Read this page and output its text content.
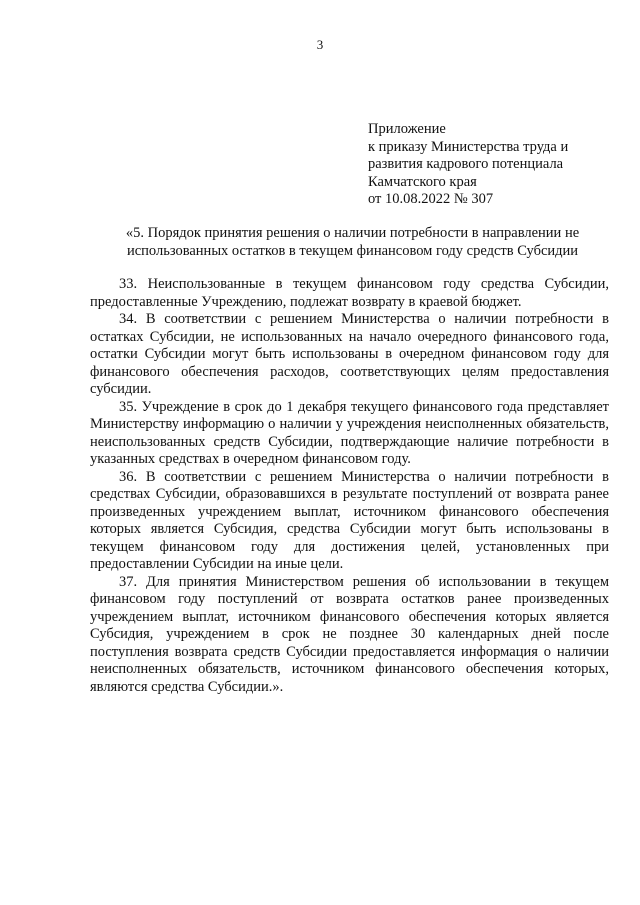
3
Приложение
к приказу Министерства труда и
развития кадрового потенциала
Камчатского края
от 10.08.2022 № 307
«5. Порядок принятия решения о наличии потребности в направлении не использованных остатков в текущем финансовом году средств Субсидии

33. Неиспользованные в текущем финансовом году средства Субсидии, предоставленные Учреждению, подлежат возврату в краевой бюджет.

34. В соответствии с решением Министерства о наличии потребности в остатках Субсидии, не использованных на начало очередного финансового года, остатки Субсидии могут быть использованы в очередном финансовом году для финансового обеспечения расходов, соответствующих целям предоставления субсидии.

35. Учреждение в срок до 1 декабря текущего финансового года представляет Министерству информацию о наличии у учреждения неисполненных обязательств, неиспользованных средств Субсидии, подтверждающие наличие потребности в указанных средствах в очередном финансовом году.

36. В соответствии с решением Министерства о наличии потребности в средствах Субсидии, образовавшихся в результате поступлений от возврата ранее произведенных учреждением выплат, источником финансового обеспечения которых является Субсидия, средства Субсидии могут быть использованы в текущем финансовом году для достижения целей, установленных при предоставлении Субсидии на иные цели.

37. Для принятия Министерством решения об использовании в текущем финансовом году поступлений от возврата остатков ранее произведенных учреждением выплат, источником финансового обеспечения которых является Субсидия, учреждением в срок не позднее 30 календарных дней после поступления возврата средств Субсидии предоставляется информация о наличии неисполненных обязательств, источником финансового обеспечения которых, являются средства Субсидии.».
